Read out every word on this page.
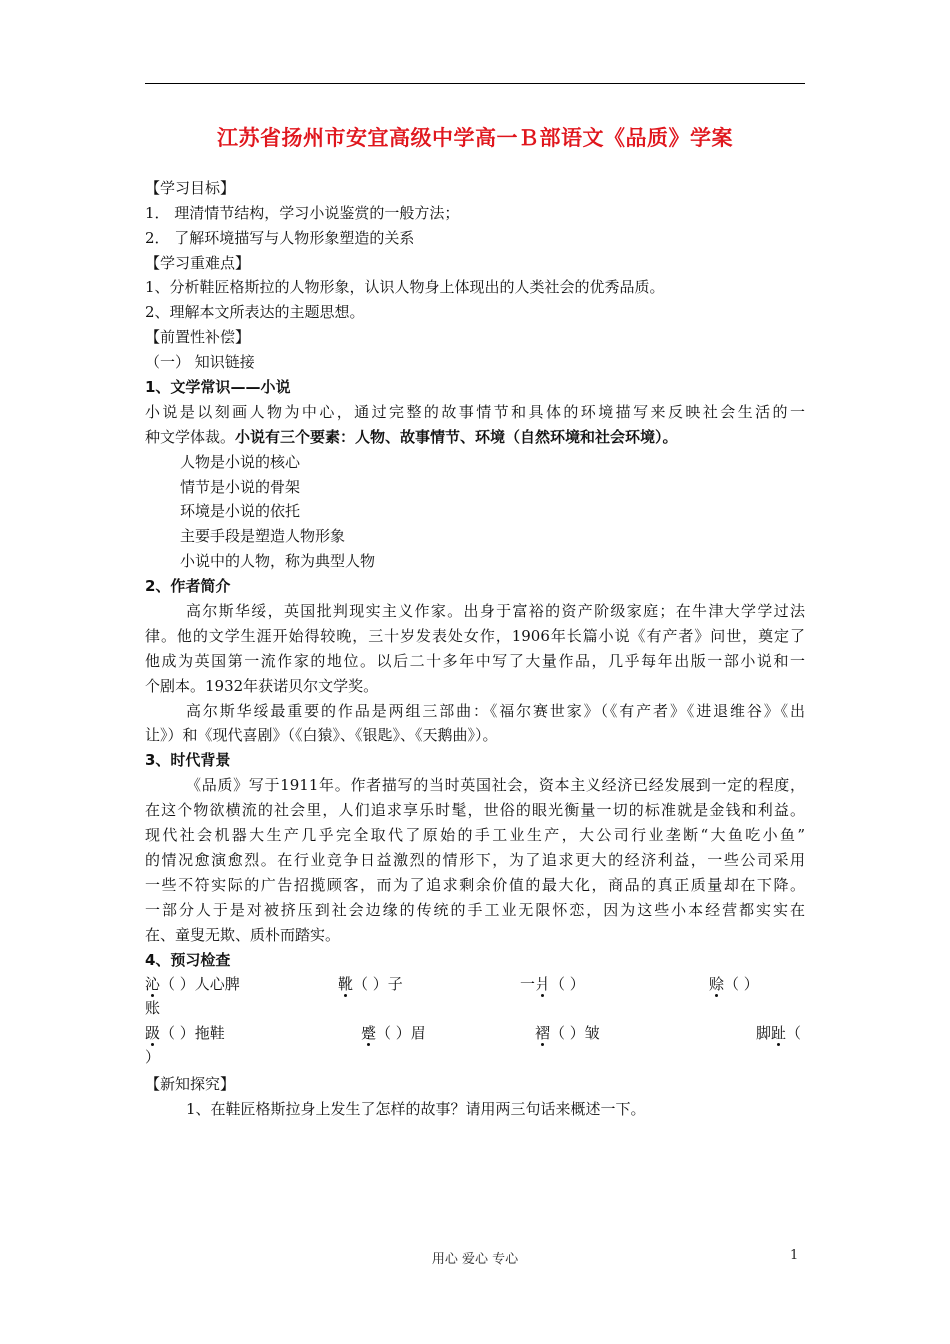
江苏省扬州市安宜高级中学高一Ｂ部语文《品质》学案
【学习目标】
1． 理清情节结构，学习小说鉴赏的一般方法；
2． 了解环境描写与人物形象塑造的关系
【学习重难点】
1、分析鞋匠格斯拉的人物形象，认识人物身上体现出的人类社会的优秀品质。
2、理解本文所表达的主题思想。
【前置性补偿】
（一） 知识链接
1、文学常识——小说
小说是以刻画人物为中心，通过完整的故事情节和具体的环境描写来反映社会生活的一
种文学体裁。小说有三个要素：人物、故事情节、环境（自然环境和社会环境）。
人物是小说的核心
情节是小说的骨架
环境是小说的依托
主要手段是塑造人物形象
小说中的人物，称为典型人物
2、作者简介
高尔斯华绥，英国批判现实主义作家。出身于富裕的资产阶级家庭；在牛津大学学过法
律。他的文学生涯开始得较晚，三十岁发表处女作，1906年长篇小说《有产者》问世，奠定了
他成为英国第一流作家的地位。以后二十多年中写了大量作品，几乎每年出版一部小说和一
个剧本。1932年获诺贝尔文学奖。
高尔斯华绥最重要的作品是两组三部曲：《福尔赛世家》（《有产者》《进退维谷》《出
让》）和《现代喜剧》（《白猿》、《银匙》、《天鹅曲》）。
3、时代背景
《品质》写于1911年。作者描写的当时英国社会，资本主义经济已经发展到一定的程度，
在这个物欲横流的社会里，人们追求享乐时髦，世俗的眼光衡量一切的标准就是金钱和利益。
现代社会机器大生产几乎完全取代了原始的手工业生产，大公司行业垄断“大鱼吃小鱼”
的情况愈演愈烈。在行业竞争日益激烈的情形下，为了追求更大的经济利益，一些公司采用
一些不符实际的广告招揽顾客，而为了追求剩余价值的最大化，商品的真正质量却在下降。
一部分人于是对被挤压到社会边缘的传统的手工业无限怀恋，因为这些小本经营都实实在
在、童叟无欺、质朴而踏实。
4、预习检查
沁（ ）人心脾	靴（ ）子	一爿（ ）	赊（ ）
账
趿（ ）拖鞋	蹙（ ）眉	褶（ ）皱	脚趾（
）
【新知探究】
1、在鞋匠格斯拉身上发生了怎样的故事？请用两三句话来概述一下。
用心 爱心 专心	1
